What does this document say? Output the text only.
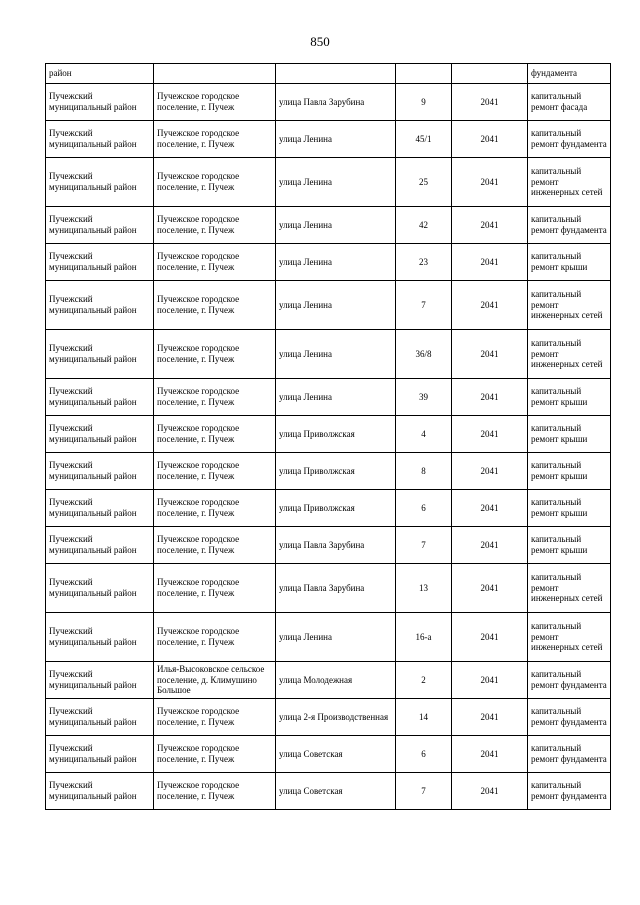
850
район					фундамента
Пучежский муниципальный район	Пучежское городское поселение, г. Пучеж	улица Павла Зарубина	9	2041	капитальный ремонт фасада
Пучежский муниципальный район	Пучежское городское поселение, г. Пучеж	улица Ленина	45/1	2041	капитальный ремонт фундамента
Пучежский муниципальный район	Пучежское городское поселение, г. Пучеж	улица Ленина	25	2041	капитальный ремонт инженерных сетей
Пучежский муниципальный район	Пучежское городское поселение, г. Пучеж	улица Ленина	42	2041	капитальный ремонт фундамента
Пучежский муниципальный район	Пучежское городское поселение, г. Пучеж	улица Ленина	23	2041	капитальный ремонт крыши
Пучежский муниципальный район	Пучежское городское поселение, г. Пучеж	улица Ленина	7	2041	капитальный ремонт инженерных сетей
Пучежский муниципальный район	Пучежское городское поселение, г. Пучеж	улица Ленина	36/8	2041	капитальный ремонт инженерных сетей
Пучежский муниципальный район	Пучежское городское поселение, г. Пучеж	улица Ленина	39	2041	капитальный ремонт крыши
Пучежский муниципальный район	Пучежское городское поселение, г. Пучеж	улица Приволжская	4	2041	капитальный ремонт крыши
Пучежский муниципальный район	Пучежское городское поселение, г. Пучеж	улица Приволжская	8	2041	капитальный ремонт крыши
Пучежский муниципальный район	Пучежское городское поселение, г. Пучеж	улица Приволжская	6	2041	капитальный ремонт крыши
Пучежский муниципальный район	Пучежское городское поселение, г. Пучеж	улица Павла Зарубина	7	2041	капитальный ремонт крыши
Пучежский муниципальный район	Пучежское городское поселение, г. Пучеж	улица Павла Зарубина	13	2041	капитальный ремонт инженерных сетей
Пучежский муниципальный район	Пучежское городское поселение, г. Пучеж	улица Ленина	16-а	2041	капитальный ремонт инженерных сетей
Пучежский муниципальный район	Илья-Высоковское сельское поселение, д. Климушино Большое	улица Молодежная	2	2041	капитальный ремонт фундамента
Пучежский муниципальный район	Пучежское городское поселение, г. Пучеж	улица 2-я Производственная	14	2041	капитальный ремонт фундамента
Пучежский муниципальный район	Пучежское городское поселение, г. Пучеж	улица Советская	6	2041	капитальный ремонт фундамента
Пучежский муниципальный район	Пучежское городское поселение, г. Пучеж	улица Советская	7	2041	капитальный ремонт фундамента
